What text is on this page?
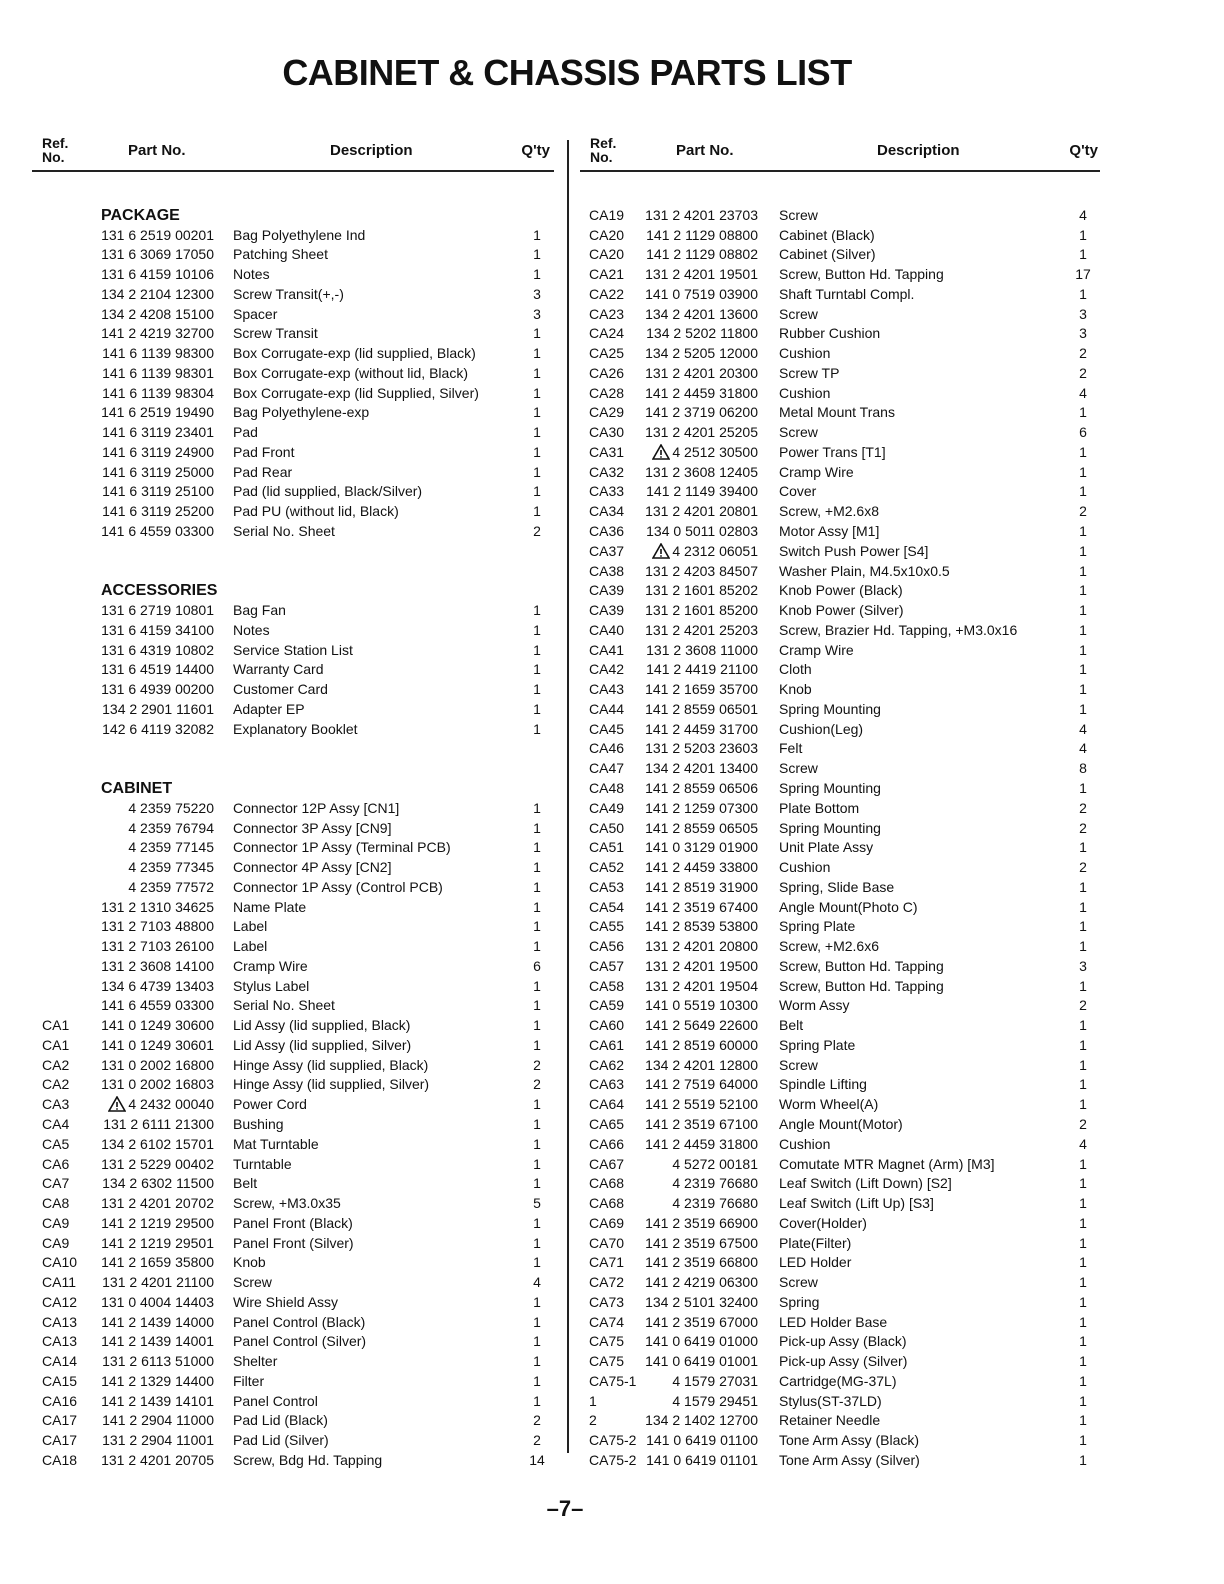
CABINET & CHASSIS PARTS LIST
Ref.
No.	Part No.	Description	Q'ty
PACKAGE
131 6 2519 00201 Bag Polyethylene Ind	1
131 6 3069 17050 Patching Sheet	1
131 6 4159 10106 Notes	1
134 2 2104 12300 Screw Transit(+,-)	3
134 2 4208 15100 Spacer	3
141 2 4219 32700 Screw Transit	1
141 6 1139 98300 Box Corrugate-exp (lid supplied, Black)	1
141 6 1139 98301 Box Corrugate-exp (without lid, Black)	1
141 6 1139 98304 Box Corrugate-exp (lid Supplied, Silver)	1
141 6 2519 19490 Bag Polyethylene-exp	1
141 6 3119 23401 Pad	1
141 6 3119 24900 Pad Front	1
141 6 3119 25000 Pad Rear	1
141 6 3119 25100 Pad (lid supplied, Black/Silver)	1
141 6 3119 25200 Pad PU (without lid, Black)	1
141 6 4559 03300 Serial No. Sheet	2
ACCESSORIES
131 6 2719 10801 Bag Fan	1
131 6 4159 34100 Notes	1
131 6 4319 10802 Service Station List	1
131 6 4519 14400 Warranty Card	1
131 6 4939 00200 Customer Card	1
134 2 2901 11601 Adapter EP	1
142 6 4119 32082 Explanatory Booklet	1
CABINET
4 2359 75220 Connector 12P Assy [CN1]	1
4 2359 76794 Connector 3P Assy [CN9]	1
4 2359 77145 Connector 1P Assy (Terminal PCB)	1
4 2359 77345 Connector 4P Assy [CN2]	1
4 2359 77572 Connector 1P Assy (Control PCB)	1
131 2 1310 34625 Name Plate	1
131 2 7103 48800 Label	1
131 2 7103 26100 Label	1
131 2 3608 14100 Cramp Wire	6
134 6 4739 13403 Stylus Label	1
141 6 4559 03300 Serial No. Sheet	1
CA1	141 0 1249 30600 Lid Assy (lid supplied, Black)	1
CA1	141 0 1249 30601 Lid Assy (lid supplied, Silver)	1
CA2	131 0 2002 16800 Hinge Assy (lid supplied, Black)	2
CA2	131 0 2002 16803 Hinge Assy (lid supplied, Silver)	2
CA3	4 2432 00040 Power Cord	1
CA4	131 2 6111 21300 Bushing	1
CA5	134 2 6102 15701 Mat Turntable	1
CA6	131 2 5229 00402 Turntable	1
CA7	134 2 6302 11500 Belt	1
CA8	131 2 4201 20702 Screw, +M3.0x35	5
CA9	141 2 1219 29500 Panel Front (Black)	1
CA9	141 2 1219 29501 Panel Front (Silver)	1
CA10	141 2 1659 35800 Knob	1
CA11	131 2 4201 21100 Screw	4
CA12	131 0 4004 14403 Wire Shield Assy	1
CA13	141 2 1439 14000 Panel Control (Black)	1
CA13	141 2 1439 14001 Panel Control (Silver)	1
CA14	131 2 6113 51000 Shelter	1
CA15	141 2 1329 14400 Filter	1
CA16	141 2 1439 14101 Panel Control	1
CA17	141 2 2904 11000 Pad Lid (Black)	2
CA17	131 2 2904 11001 Pad Lid (Silver)	2
CA18	131 2 4201 20705 Screw, Bdg Hd. Tapping	14
Ref.
No.	Part No.	Description	Q'ty
CA19	131 2 4201 23703 Screw	4
CA20	141 2 1129 08800 Cabinet (Black)	1
CA20	141 2 1129 08802 Cabinet (Silver)	1
CA21	131 2 4201 19501 Screw, Button Hd. Tapping	17
CA22	141 0 7519 03900 Shaft Turntabl Compl.	1
CA23	134 2 4201 13600 Screw	3
CA24	134 2 5202 11800 Rubber Cushion	3
CA25	134 2 5205 12000 Cushion	2
CA26	131 2 4201 20300 Screw TP	2
CA28	141 2 4459 31800 Cushion	4
CA29	141 2 3719 06200 Metal Mount Trans	1
CA30	131 2 4201 25205 Screw	6
CA31	4 2512 30500 Power Trans [T1]	1
CA32	131 2 3608 12405 Cramp Wire	1
CA33	141 2 1149 39400 Cover	1
CA34	131 2 4201 20801 Screw, +M2.6x8	2
CA36	134 0 5011 02803 Motor Assy [M1]	1
CA37	4 2312 06051 Switch Push Power [S4]	1
CA38	131 2 4203 84507 Washer Plain, M4.5x10x0.5	1
CA39	131 2 1601 85202 Knob Power (Black)	1
CA39	131 2 1601 85200 Knob Power (Silver)	1
CA40	131 2 4201 25203 Screw, Brazier Hd. Tapping, +M3.0x16	1
CA41	131 2 3608 11000 Cramp Wire	1
CA42	141 2 4419 21100 Cloth	1
CA43	141 2 1659 35700 Knob	1
CA44	141 2 8559 06501 Spring Mounting	1
CA45	141 2 4459 31700 Cushion(Leg)	4
CA46	131 2 5203 23603 Felt	4
CA47	134 2 4201 13400 Screw	8
CA48	141 2 8559 06506 Spring Mounting	1
CA49	141 2 1259 07300 Plate Bottom	2
CA50	141 2 8559 06505 Spring Mounting	2
CA51	141 0 3129 01900 Unit Plate Assy	1
CA52	141 2 4459 33800 Cushion	2
CA53	141 2 8519 31900 Spring, Slide Base	1
CA54	141 2 3519 67400 Angle Mount(Photo C)	1
CA55	141 2 8539 53800 Spring Plate	1
CA56	131 2 4201 20800 Screw, +M2.6x6	1
CA57	131 2 4201 19500 Screw, Button Hd. Tapping	3
CA58	131 2 4201 19504 Screw, Button Hd. Tapping	1
CA59	141 0 5519 10300 Worm Assy	2
CA60	141 2 5649 22600 Belt	1
CA61	141 2 8519 60000 Spring Plate	1
CA62	134 2 4201 12800 Screw	1
CA63	141 2 7519 64000 Spindle Lifting	1
CA64	141 2 5519 52100 Worm Wheel(A)	1
CA65	141 2 3519 67100 Angle Mount(Motor)	2
CA66	141 2 4459 31800 Cushion	4
CA67	4 5272 00181 Comutate MTR Magnet (Arm) [M3]	1
CA68	4 2319 76680 Leaf Switch (Lift Down) [S2]	1
CA68	4 2319 76680 Leaf Switch (Lift Up) [S3]	1
CA69	141 2 3519 66900 Cover(Holder)	1
CA70	141 2 3519 67500 Plate(Filter)	1
CA71	141 2 3519 66800 LED Holder	1
CA72	141 2 4219 06300 Screw	1
CA73	134 2 5101 32400 Spring	1
CA74	141 2 3519 67000 LED Holder Base	1
CA75	141 0 6419 01000 Pick-up Assy (Black)	1
CA75	141 0 6419 01001 Pick-up Assy (Silver)	1
CA75-1	4 1579 27031 Cartridge(MG-37L)	1
1	4 1579 29451 Stylus(ST-37LD)	1
2	134 2 1402 12700 Retainer Needle	1
CA75-2 141 0 6419 01100 Tone Arm Assy (Black)	1
CA75-2 141 0 6419 01101 Tone Arm Assy (Silver)	1
–7–
